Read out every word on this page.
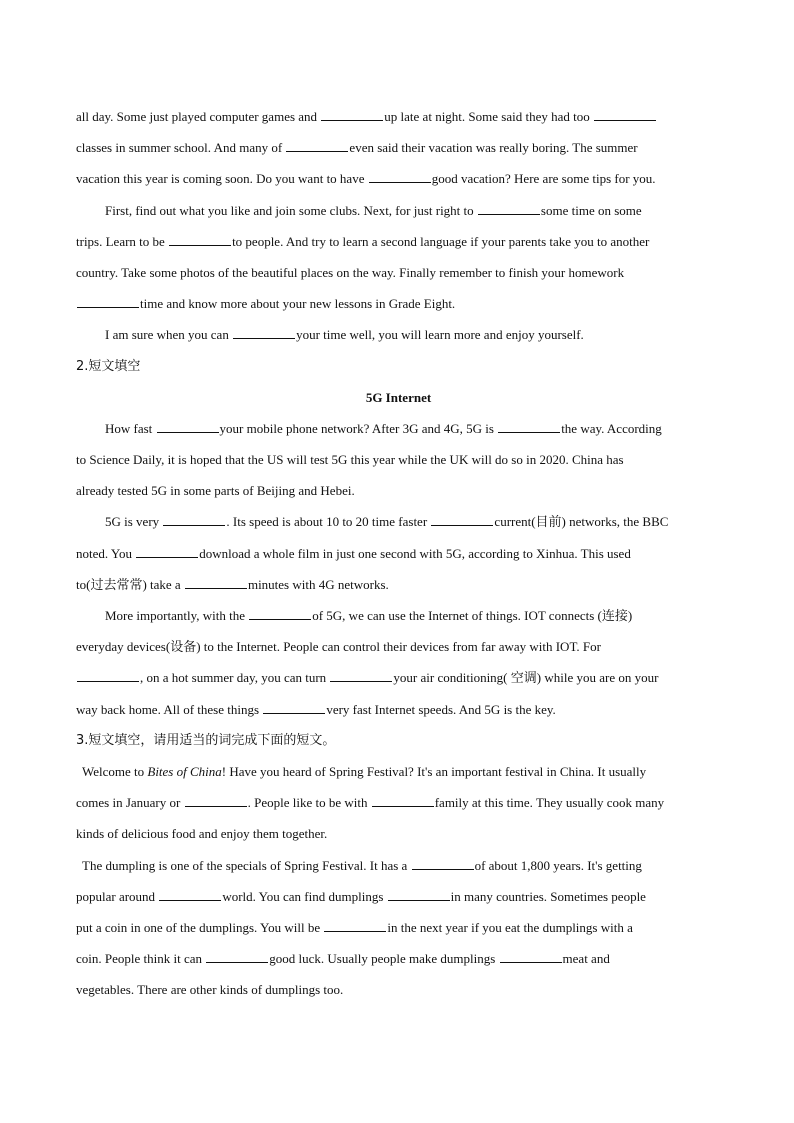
all day. Some just played computer games and	up late at night. Some said they had too
classes in summer school. And many of	even said their vacation was really boring. The summer
vacation this year is coming soon. Do you want to have	good vacation? Here are some tips for you.
First, find out what you like and join some clubs. Next, for just right to	some time on some
trips. Learn to be	to people. And try to learn a second language if your parents take you to another
country. Take some photos of the beautiful places on the way. Finally remember to finish your homework
time and know more about your new lessons in Grade Eight.
I am sure when you can	your time well, you will learn more and enjoy yourself.
2.短文填空
5G Internet
How fast	your mobile phone network? After 3G and 4G, 5G is	the way. According
to Science Daily, it is hoped that the US will test 5G this year while the UK will do so in 2020. China has
already tested 5G in some parts of Beijing and Hebei.
5G is very	. Its speed is about 10 to 20 time faster	current(目前) networks, the BBC
noted. You	download a whole film in just one second with 5G, according to Xinhua. This used
to(过去常常) take a	minutes with 4G networks.
More importantly, with the	of 5G, we can use the Internet of things. IOT connects (连接)
everyday devices(设备) to the Internet. People can control their devices from far away with IOT. For
, on a hot summer day, you can turn	your air conditioning( 空调) while you are on your
way back home. All of these things	very fast Internet speeds. And 5G is the key.
3.短文填空，请用适当的词完成下面的短文。
Welcome to Bites of China! Have you heard of Spring Festival? It's an important festival in China. It usually
comes in January or	. People like to be with	family at this time. They usually cook many
kinds of delicious food and enjoy them together.
The dumpling is one of the specials of Spring Festival. It has a	of about 1,800 years. It's getting
popular around	world. You can find dumplings	in many countries. Sometimes people
put a coin in one of the dumplings. You will be	in the next year if you eat the dumplings with a
coin. People think it can	good luck. Usually people make dumplings	meat and
vegetables. There are other kinds of dumplings too.
